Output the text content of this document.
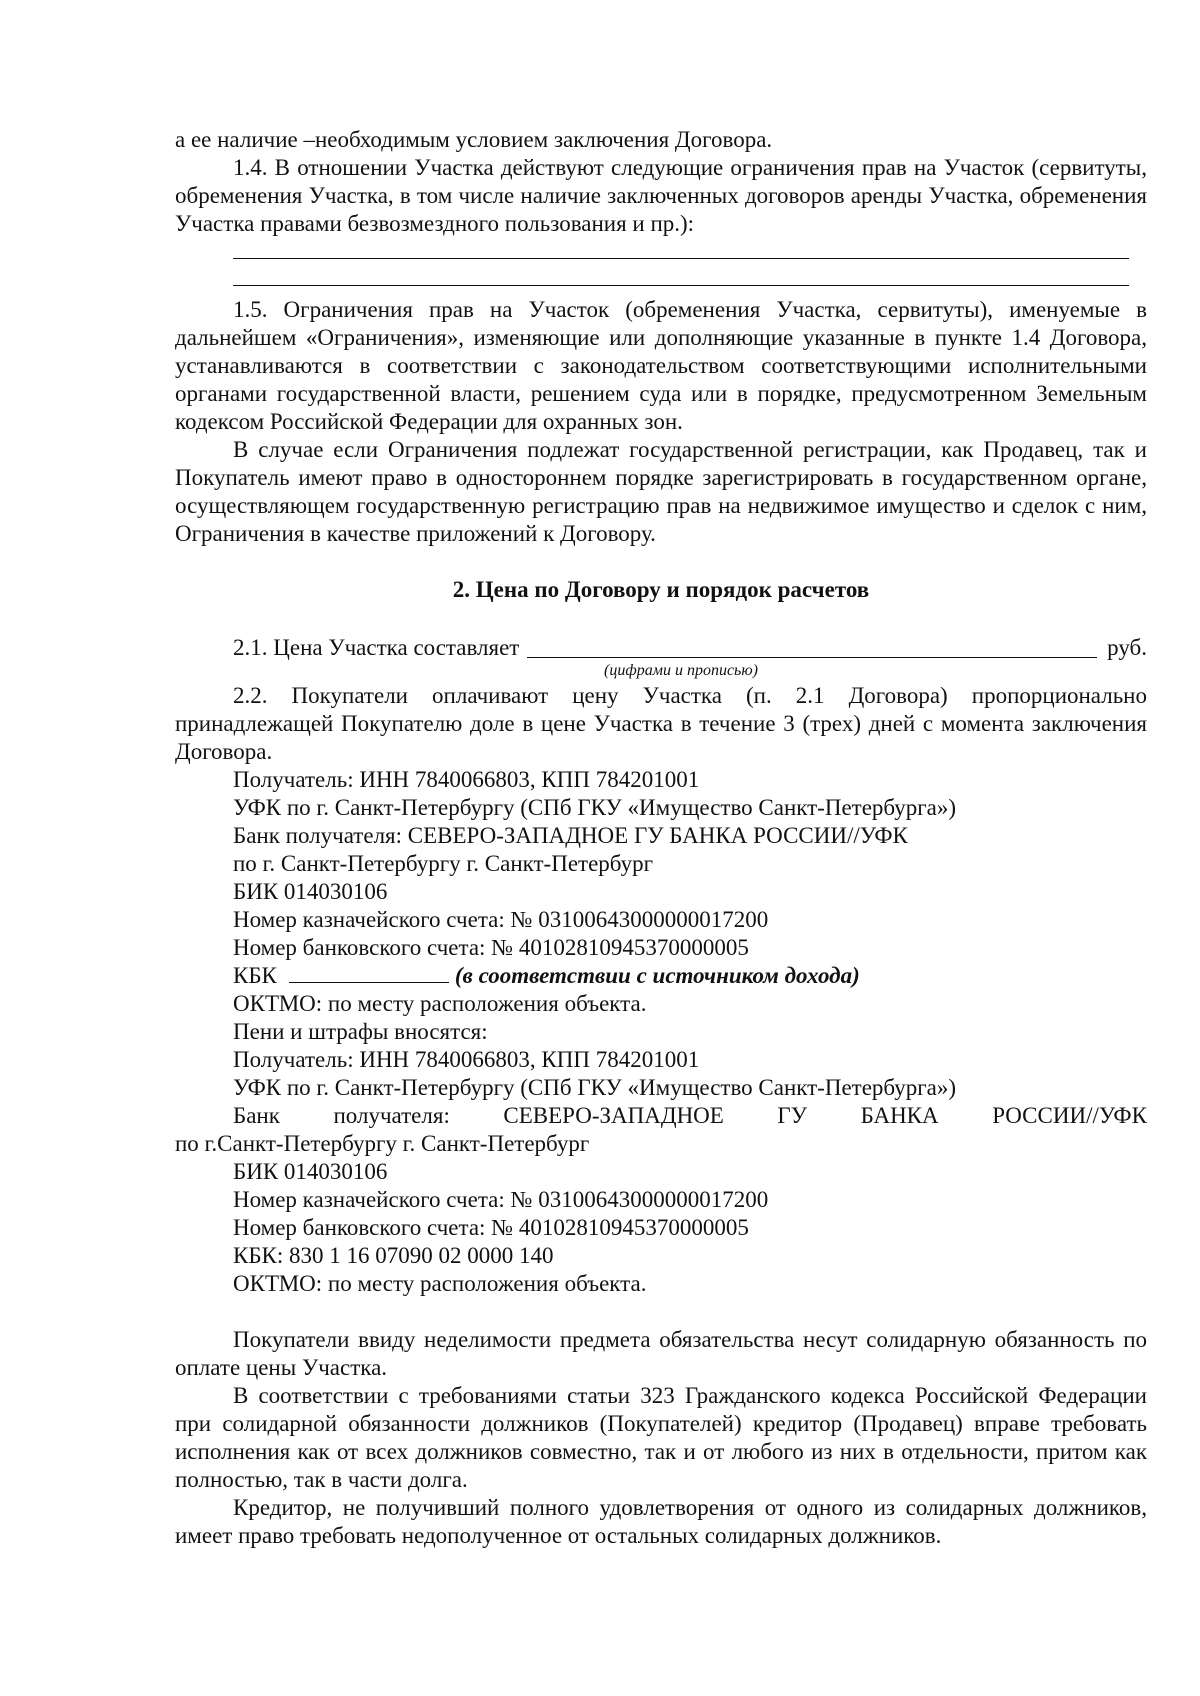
а ее наличие –необходимым условием заключения Договора.

1.4. В отношении Участка действуют следующие ограничения прав на Участок (сервитуты, обременения Участка, в том числе наличие заключенных договоров аренды Участка, обременения Участка правами безвозмездного пользования и пр.):

1.5. Ограничения прав на Участок (обременения Участка, сервитуты), именуемые в дальнейшем «Ограничения», изменяющие или дополняющие указанные в пункте 1.4 Договора, устанавливаются в соответствии с законодательством соответствующими исполнительными органами государственной власти, решением суда или в порядке, предусмотренном Земельным кодексом Российской Федерации для охранных зон.

В случае если Ограничения подлежат государственной регистрации, как Продавец, так и Покупатель имеют право в одностороннем порядке зарегистрировать в государственном органе, осуществляющем государственную регистрацию прав на недвижимое имущество и сделок с ним, Ограничения в качестве приложений к Договору.

2. Цена по Договору и порядок расчетов

2.1. Цена Участка составляет	руб.

(цифрами и прописью)

2.2. Покупатели оплачивают цену Участка (п. 2.1 Договора) пропорционально принадлежащей Покупателю доле в цене Участка в течение 3 (трех) дней с момента заключения Договора.

Получатель: ИНН 7840066803, КПП 784201001

УФК по г. Санкт-Петербургу (СПб ГКУ «Имущество Санкт-Петербурга»)

Банк получателя: СЕВЕРО-ЗАПАДНОЕ ГУ БАНКА РОССИИ//УФК

по г. Санкт-Петербургу г. Санкт-Петербург

БИК 014030106

Номер казначейского счета: № 03100643000000017200

Номер банковского счета: № 40102810945370000005

КБК	(в соответствии с источником дохода)

ОКТМО: по месту расположения объекта.

Пени и штрафы вносятся:

Получатель: ИНН 7840066803, КПП 784201001

УФК по г. Санкт-Петербургу (СПб ГКУ «Имущество Санкт-Петербурга»)

Банк получателя: СЕВЕРО-ЗАПАДНОЕ ГУ БАНКА РОССИИ//УФК

по г.Санкт-Петербургу г. Санкт-Петербург

БИК 014030106

Номер казначейского счета: № 03100643000000017200

Номер банковского счета: № 40102810945370000005

КБК: 830 1 16 07090 02 0000 140

ОКТМО: по месту расположения объекта.

Покупатели ввиду неделимости предмета обязательства несут солидарную обязанность по оплате цены Участка.

В соответствии с требованиями статьи 323 Гражданского кодекса Российской Федерации при солидарной обязанности должников (Покупателей) кредитор (Продавец) вправе требовать исполнения как от всех должников совместно, так и от любого из них в отдельности, притом как полностью, так в части долга.

Кредитор, не получивший полного удовлетворения от одного из солидарных должников, имеет право требовать недополученное от остальных солидарных должников.
